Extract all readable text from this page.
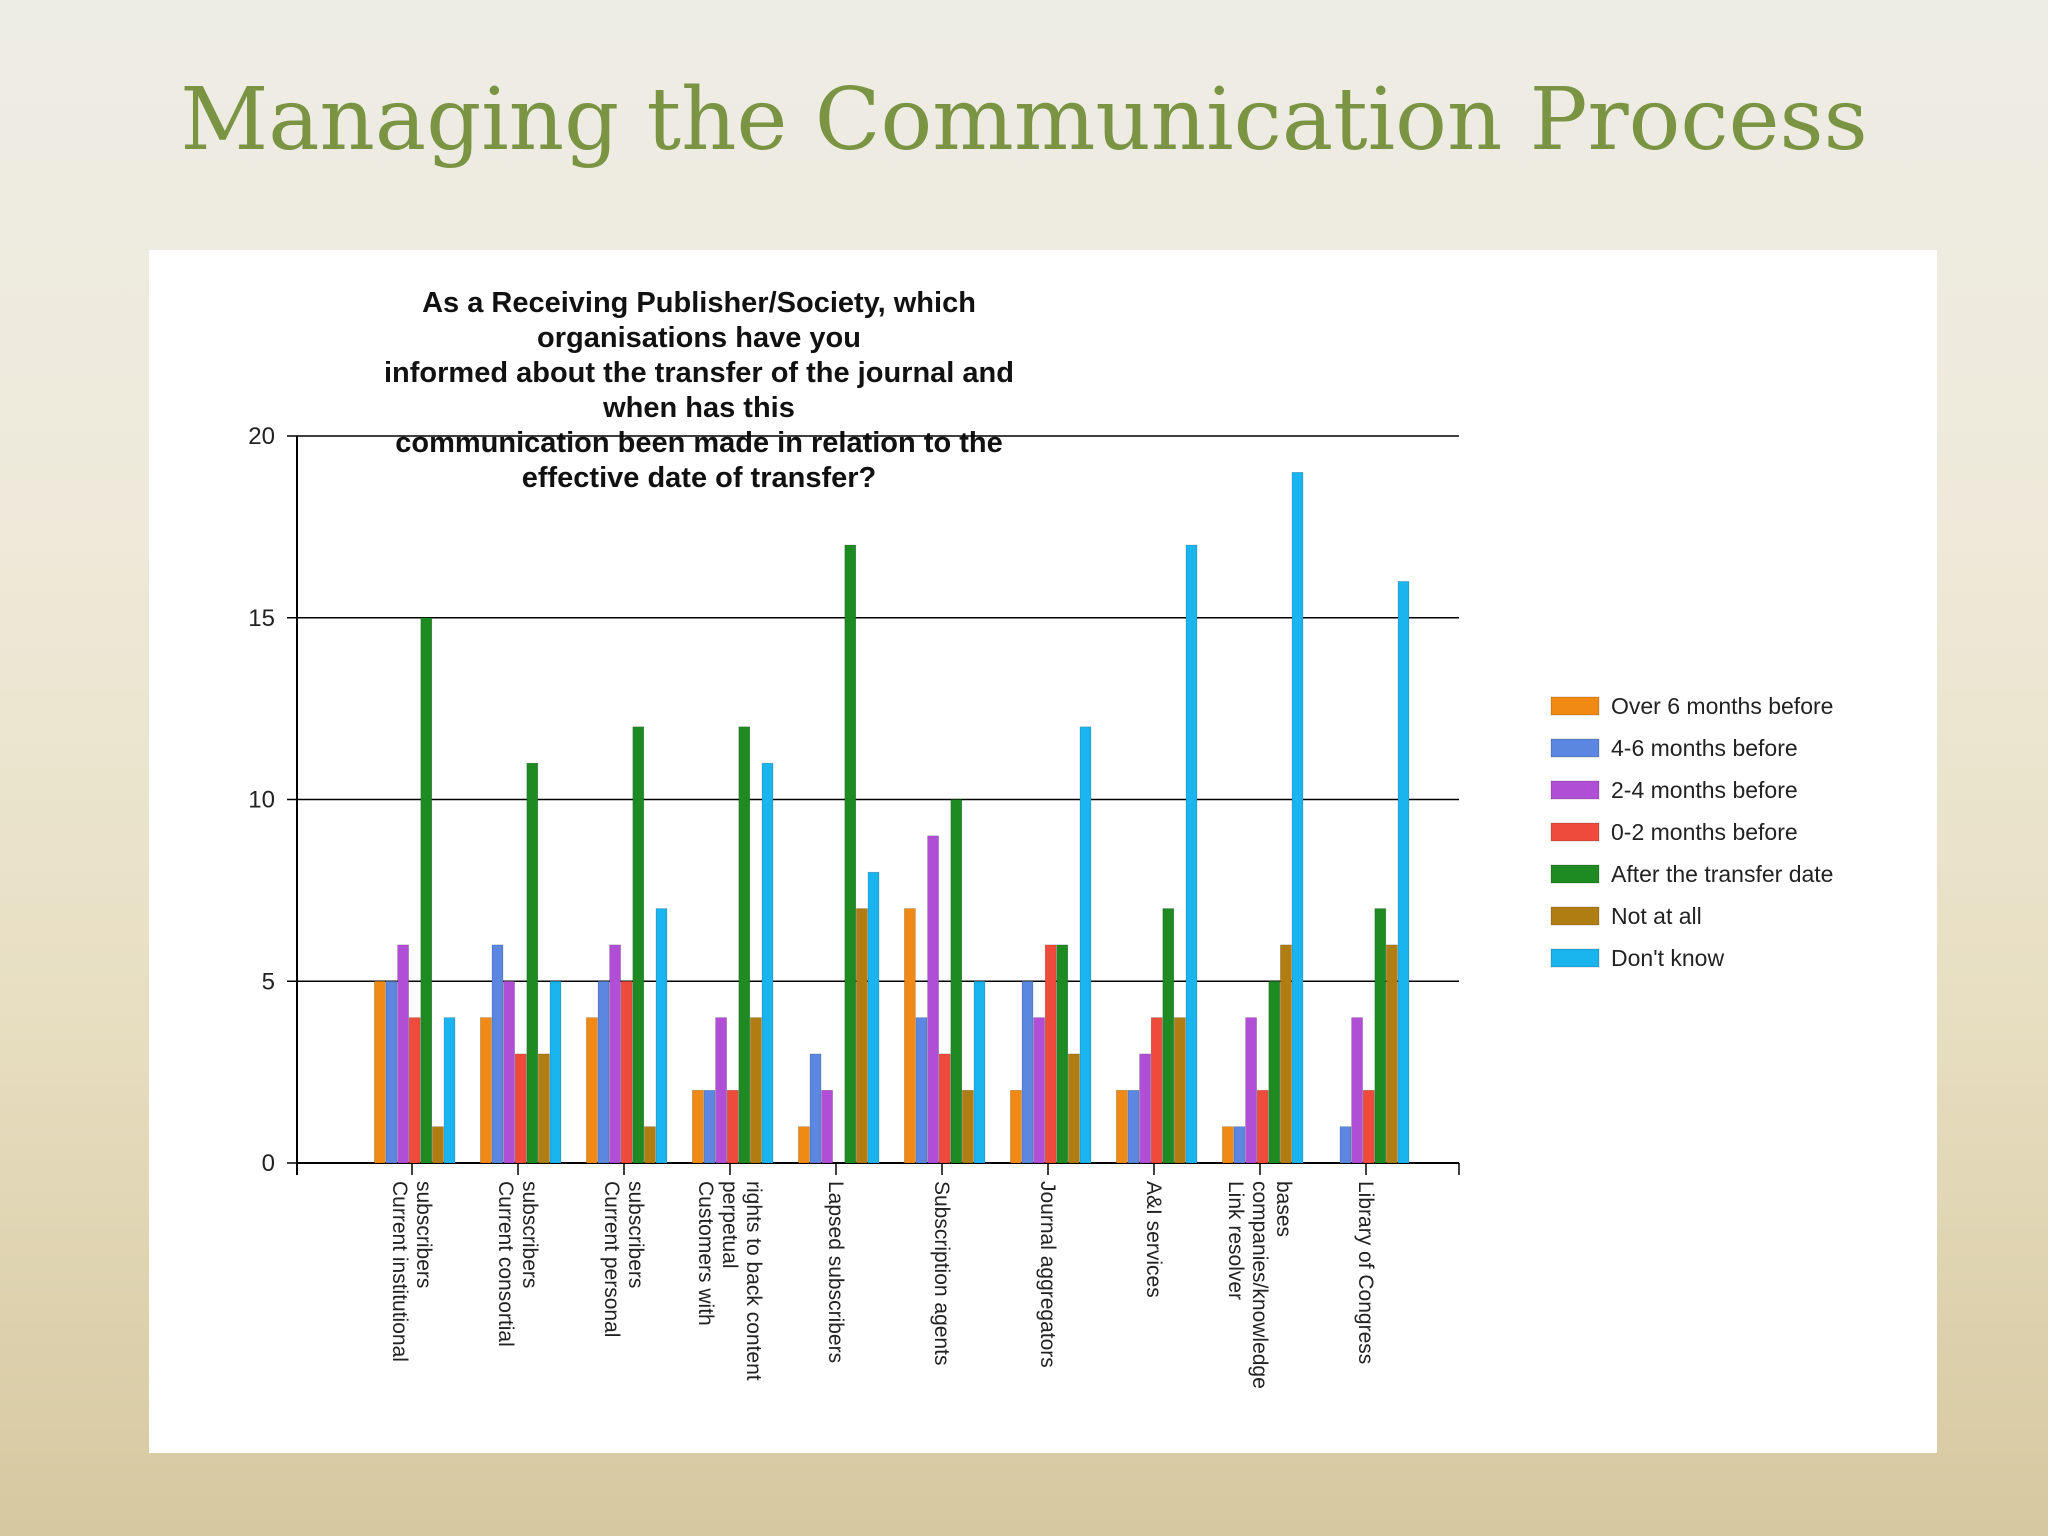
Managing the Communication Process
As a Receiving Publisher/Society, which organisations have you
informed about the transfer of the journal and when has this
communication been made in relation to the effective date of transfer?
0
5
10
15
20
Current institutionalsubscribers	Current consortialsubscribers	Current personalsubscribers Customers withperpetualrights to back content	Lapsed subscribers	Subscription agents	Journal aggregators	A&I services	Link resolvercompanies/knowledgebases	Library of Congress
Over 6 months before
4-6 months before
2-4 months before
0-2 months before
After the transfer date
Not at all
Don't know
